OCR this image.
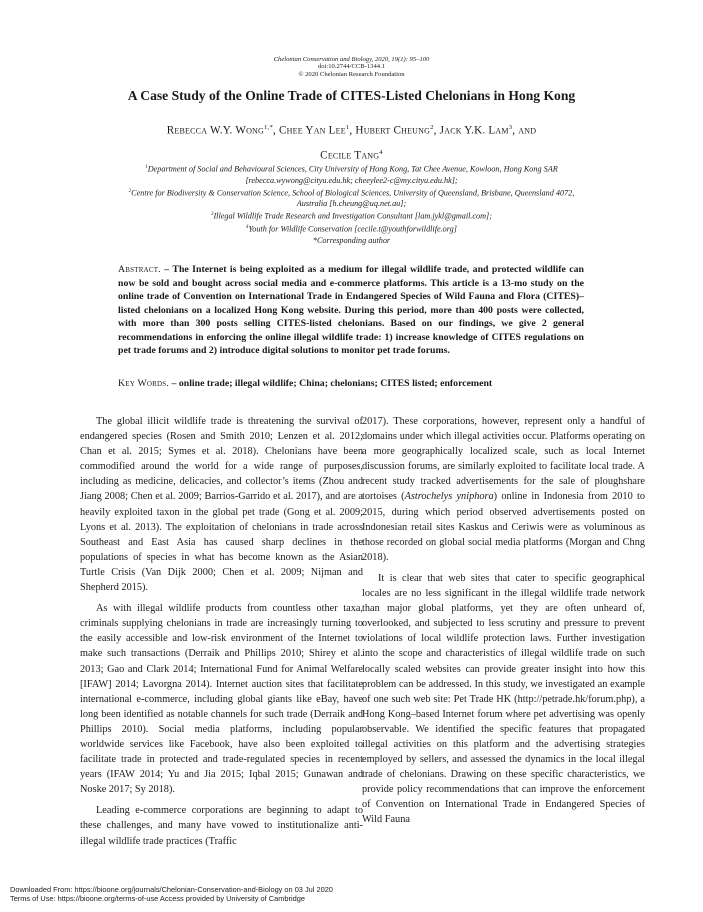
Chelonian Conservation and Biology, 2020, 19(1): 95–100
doi:10.2744/CCB-1344.1
© 2020 Chelonian Research Foundation
A Case Study of the Online Trade of CITES-Listed Chelonians in Hong Kong
Rebecca W.Y. Wong$^{1,*}$, Chee Yan Lee$^1$, Hubert Cheung$^2$, Jack Y.K. Lam$^3$, and
Cecile Tang$^4$
$^1$Department of Social and Behavioural Sciences, City University of Hong Kong, Tat Chee Avenue, Kowloon, Hong Kong SAR
[rebecca.wywong@cityu.edu.hk; cheeylee2-c@my.cityu.edu.hk];
$^2$Centre for Biodiversity & Conservation Science, School of Biological Sciences, University of Queensland, Brisbane, Queensland 4072,
Australia [h.cheung@uq.net.au];
$^3$Illegal Wildlife Trade Research and Investigation Consultant [lam.jykl@gmail.com];
$^4$Youth for Wildlife Conservation [cecile.t@youthforwildlife.org]
*Corresponding author
Abstract. – The Internet is being exploited as a medium for illegal wildlife trade, and protected wildlife can now be sold and bought across social media and e-commerce platforms. This article is a 13-mo study on the online trade of Convention on International Trade in Endangered Species of Wild Fauna and Flora (CITES)–listed chelonians on a localized Hong Kong website. During this period, more than 400 posts were collected, with more than 300 posts selling CITES-listed chelonians. Based on our findings, we give 2 general recommendations in enforcing the online illegal wildlife trade: 1) increase knowledge of CITES regulations on pet trade forums and 2) introduce digital solutions to monitor pet trade forums.
Key Words. – online trade; illegal wildlife; China; chelonians; CITES listed; enforcement

The global illicit wildlife trade is threatening the survival of endangered species (Rosen and Smith 2010; Lenzen et al. 2012; Chan et al. 2015; Symes et al. 2018). Chelonians have been commodified around the world for a wide range of purposes, including as medicine, delicacies, and collector’s items (Zhou and Jiang 2008; Chen et al. 2009; Barrios-Garrido et al. 2017), and are a heavily exploited taxon in the global pet trade (Gong et al. 2009; Lyons et al. 2013). The exploitation of chelonians in trade across Southeast and East Asia has caused sharp declines in the populations of species in what has become known as the Asian Turtle Crisis (Van Dijk 2000; Chen et al. 2009; Nijman and Shepherd 2015).

As with illegal wildlife products from countless other taxa, criminals supplying chelonians in trade are increasingly turning to the easily accessible and low-risk environment of the Internet to make such transactions (Derraik and Phillips 2010; Shirey et al. 2013; Gao and Clark 2014; International Fund for Animal Welfare [IFAW] 2014; Lavorgna 2014). Internet auction sites that facilitate international e-commerce, including global giants like eBay, have long been identified as notable channels for such trade (Derraik and Phillips 2010). Social media platforms, including popular worldwide services like Facebook, have also been exploited to facilitate trade in protected and trade-regulated species in recent years (IFAW 2014; Yu and Jia 2015; Iqbal 2015; Gunawan and Noske 2017; Sy 2018).

Leading e-commerce corporations are beginning to adapt to these challenges, and many have vowed to institutionalize anti-illegal wildlife trade practices (Traffic

2017). These corporations, however, represent only a handful of domains under which illegal activities occur. Platforms operating on a more geographically localized scale, such as local Internet discussion forums, are similarly exploited to facilitate local trade. A recent study tracked advertisements for the sale of ploughshare tortoises (Astrochelys yniphora) online in Indonesia from 2010 to 2015, during which period observed advertisements posted on Indonesian retail sites Kaskus and Ceriwis were as voluminous as those recorded on global social media platforms (Morgan and Chng 2018).

It is clear that web sites that cater to specific geographical locales are no less significant in the illegal wildlife trade network than major global platforms, yet they are often unheard of, overlooked, and subjected to less scrutiny and pressure to prevent violations of local wildlife protection laws. Further investigation into the scope and characteristics of illegal wildlife trade on such locally scaled websites can provide greater insight into how this problem can be addressed. In this study, we investigated an example of one such web site: Pet Trade HK (http://petrade.hk/forum.php), a Hong Kong–based Internet forum where pet advertising was openly observable. We identified the specific features that propagated illegal activities on this platform and the advertising strategies employed by sellers, and assessed the dynamics in the local illegal trade of chelonians. Drawing on these specific characteristics, we provide policy recommendations that can improve the enforcement of Convention on International Trade in Endangered Species of Wild Fauna

Downloaded From: https://bioone.org/journals/Chelonian-Conservation-and-Biology on 03 Jul 2020
Terms of Use: https://bioone.org/terms-of-use Access provided by University of Cambridge
